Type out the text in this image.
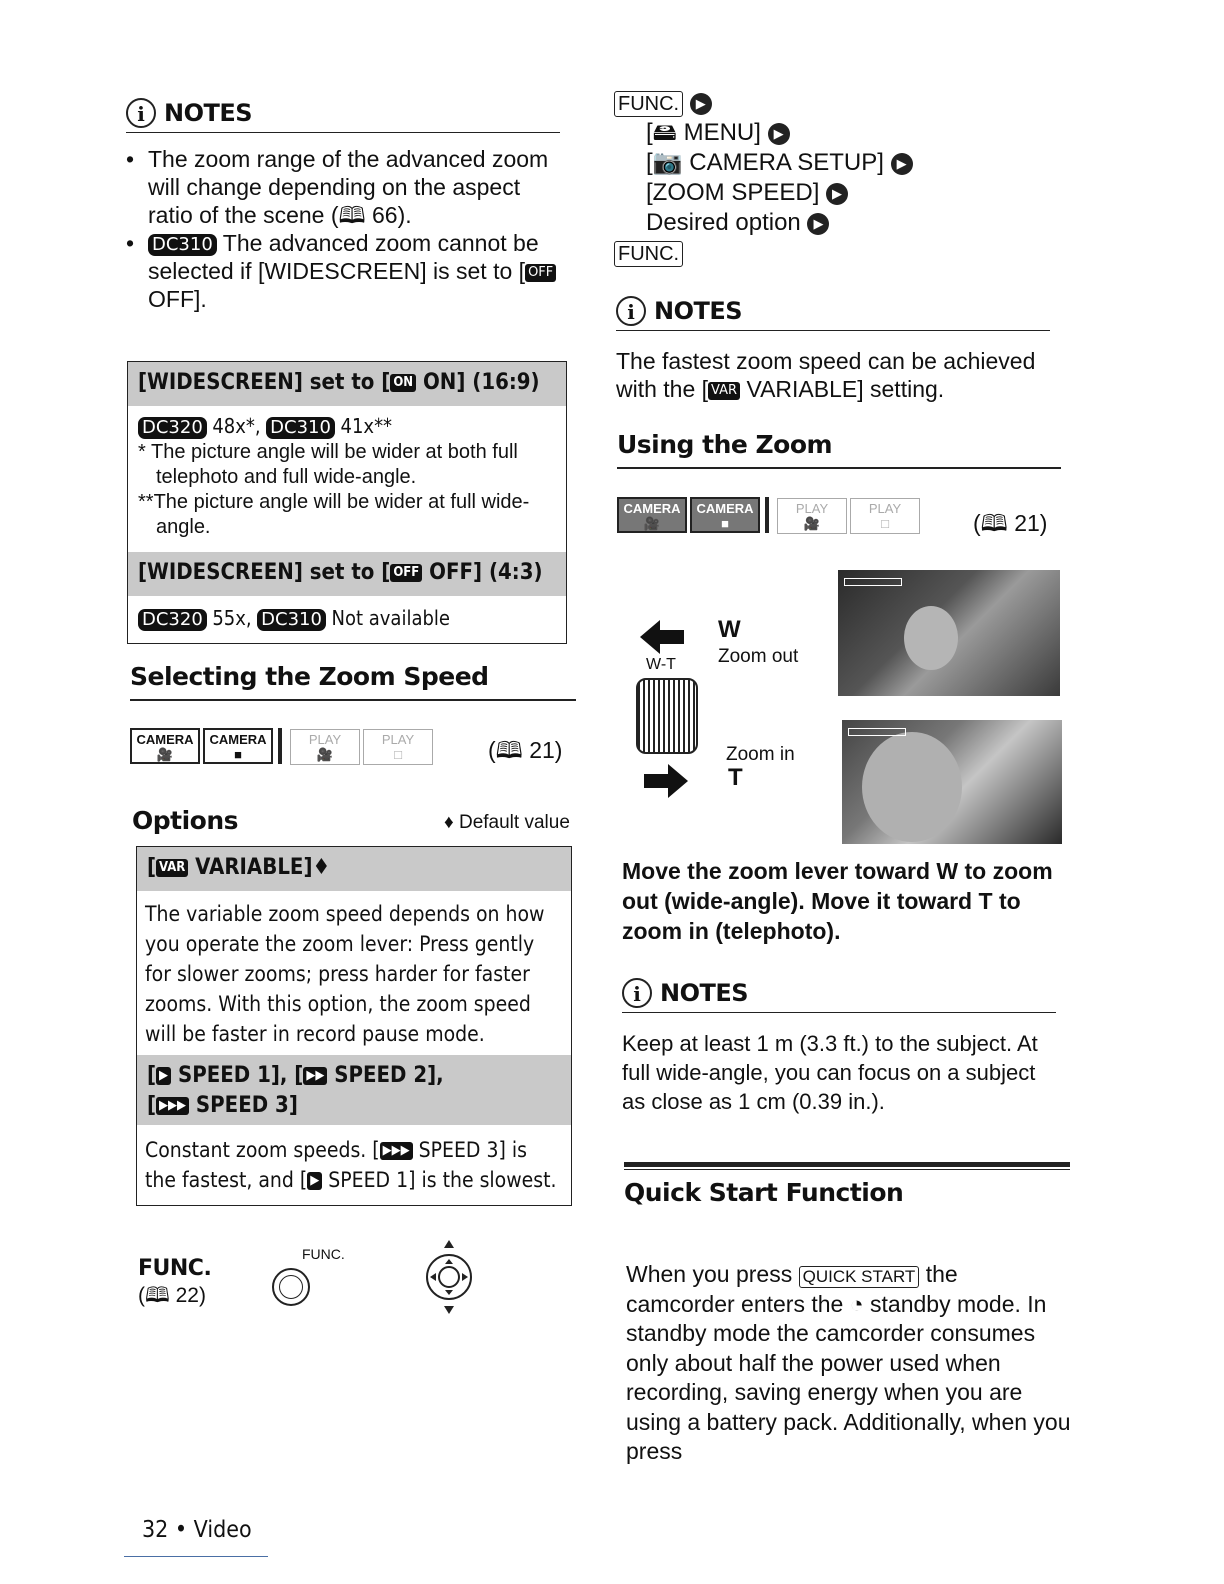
i NOTES
• The zoom range of the advanced zoom will change depending on the aspect ratio of the scene (🕮 66).
• DC310 The advanced zoom cannot be selected if [WIDESCREEN] is set to [ OFF OFF].
[WIDESCREEN] set to [ ON ON] (16:9)
DC320 48x*, DC310 41x**
* The picture angle will be wider at both full telephoto and full wide-angle.
**The picture angle will be wider at full wide-angle.
[WIDESCREEN] set to [ OFF OFF] (4:3)
DC320 55x, DC310 Not available
Selecting the Zoom Speed
CAMERA
🎥CAMERA
■PLAY
🎥PLAY
□	(🕮 21)
Options	♦ Default value
[ VAR VARIABLE]♦
The variable zoom speed depends on how you operate the zoom lever: Press gently for slower zooms; press harder for faster zooms. With this option, the zoom speed will be faster in record pause mode.
[ ▶ SPEED 1], [ ▶▶ SPEED 2],
[ ▶▶▶ SPEED 3]
Constant zoom speeds. [ ▶▶▶ SPEED 3] is the fastest, and [ ▶ SPEED 1] is the slowest.
FUNC.
(🕮 22)
FUNC.
32 • Video
FUNC. ▶
[🖴 MENU] ▶
[📷 CAMERA SETUP] ▶
[ZOOM SPEED] ▶
Desired option ▶
FUNC.
i NOTES
The fastest zoom speed can be achieved with the [ VAR VARIABLE] setting.
Using the Zoom
CAMERA
🎥CAMERA
■PLAY
🎥PLAY
□	(🕮 21)
W-T
W
Zoom out
Zoom in
T
Move the zoom lever toward W to zoom out (wide-angle). Move it toward T to zoom in (telephoto).
i NOTES
Keep at least 1 m (3.3 ft.) to the subject. At full wide-angle, you can focus on a subject as close as 1 cm (0.39 in.).
Quick Start Function
When you press QUICK START the camcorder enters the ◔ standby mode. In standby mode the camcorder consumes only about half the power used when recording, saving energy when you are using a battery pack. Additionally, when you press
